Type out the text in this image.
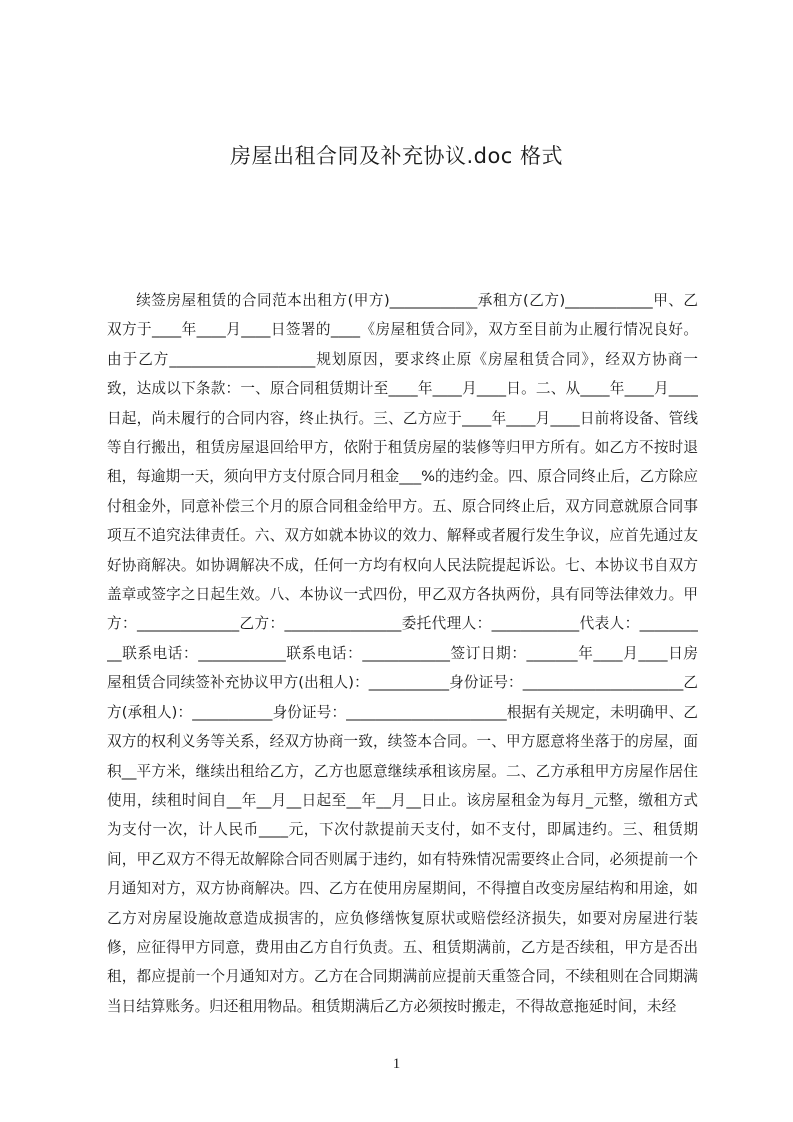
房屋出租合同及补充协议.doc 格式

续签房屋租赁的合同范本出租方(甲方)____________承租方(乙方)____________甲、乙双方于____年____月____日签署的____《房屋租赁合同》，双方至目前为止履行情况良好。由于乙方____________________规划原因，要求终止原《房屋租赁合同》，经双方协商一致，达成以下条款：一、原合同租赁期计至____年____月____日。二、从____年____月____日起，尚未履行的合同内容，终止执行。三、乙方应于____年____月____日前将设备、管线等自行搬出，租赁房屋退回给甲方，依附于租赁房屋的装修等归甲方所有。如乙方不按时退租，每逾期一天，须向甲方支付原合同月租金___%的违约金。四、原合同终止后，乙方除应付租金外，同意补偿三个月的原合同租金给甲方。五、原合同终止后，双方同意就原合同事项互不追究法律责任。六、双方如就本协议的效力、解释或者履行发生争议，应首先通过友好协商解决。如协调解决不成，任何一方均有权向人民法院提起诉讼。七、本协议书自双方盖章或签字之日起生效。八、本协议一式四份，甲乙双方各执两份，具有同等法律效力。甲方：______________乙方：________________委托代理人：____________代表人：__________联系电话：____________联系电话：____________签订日期：_______年____月____日房屋租赁合同续签补充协议甲方(出租人)：___________身份证号：______________________乙方(承租人)：___________身份证号：______________________根据有关规定，未明确甲、乙双方的权利义务等关系，经双方协商一致，续签本合同。一、甲方愿意将坐落于的房屋，面积__平方米，继续出租给乙方，乙方也愿意继续承租该房屋。二、乙方承租甲方房屋作居住使用，续租时间自__年__月__日起至__年__月__日止。该房屋租金为每月_元整，缴租方式为支付一次，计人民币____元，下次付款提前天支付，如不支付，即属违约。三、租赁期间，甲乙双方不得无故解除合同否则属于违约，如有特殊情况需要终止合同，必须提前一个月通知对方，双方协商解决。四、乙方在使用房屋期间，不得擅自改变房屋结构和用途，如乙方对房屋设施故意造成损害的，应负修缮恢复原状或赔偿经济损失，如要对房屋进行装修，应征得甲方同意，费用由乙方自行负责。五、租赁期满前，乙方是否续租，甲方是否出租，都应提前一个月通知对方。乙方在合同期满前应提前天重签合同，不续租则在合同期满当日结算账务。归还租用物品。租赁期满后乙方必须按时搬走，不得故意拖延时间，未经

1
